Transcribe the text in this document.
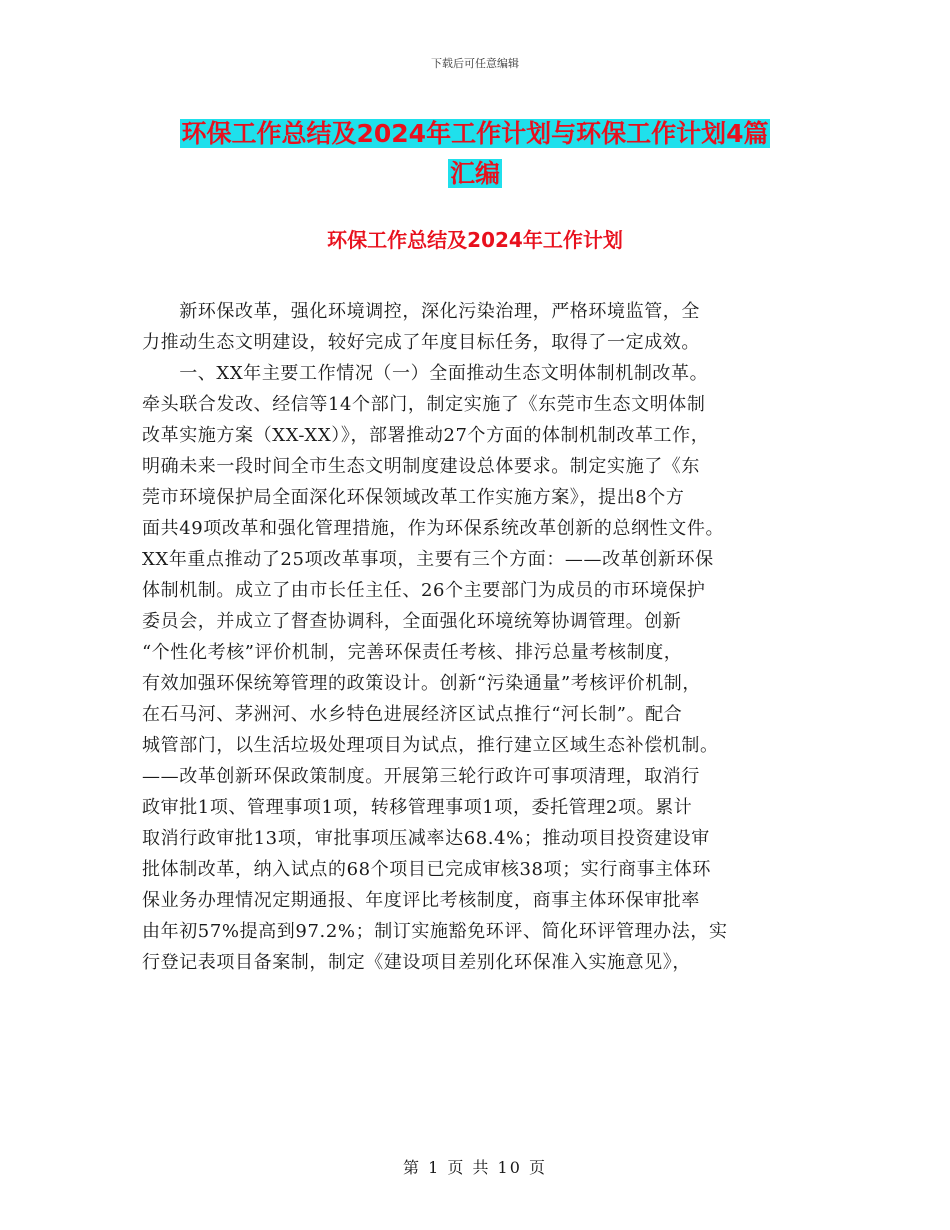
下载后可任意编辑
环保工作总结及2024年工作计划与环保工作计划4篇
汇编
环保工作总结及2024年工作计划
　　新环保改革，强化环境调控，深化污染治理，严格环境监管，全
力推动生态文明建设，较好完成了年度目标任务，取得了一定成效。
　　一、XX年主要工作情况（一）全面推动生态文明体制机制改革。
牵头联合发改、经信等14个部门，制定实施了《东莞市生态文明体制
改革实施方案（XX-XX）》，部署推动27个方面的体制机制改革工作，
明确未来一段时间全市生态文明制度建设总体要求。制定实施了《东
莞市环境保护局全面深化环保领域改革工作实施方案》，提出8个方
面共49项改革和强化管理措施，作为环保系统改革创新的总纲性文件。
XX年重点推动了25项改革事项，主要有三个方面：——改革创新环保
体制机制。成立了由市长任主任、26个主要部门为成员的市环境保护
委员会，并成立了督查协调科，全面强化环境统筹协调管理。创新
“个性化考核”评价机制，完善环保责任考核、排污总量考核制度，
有效加强环保统筹管理的政策设计。创新“污染通量”考核评价机制，
在石马河、茅洲河、水乡特色进展经济区试点推行“河长制”。配合
城管部门，以生活垃圾处理项目为试点，推行建立区域生态补偿机制。
——改革创新环保政策制度。开展第三轮行政许可事项清理，取消行
政审批1项、管理事项1项，转移管理事项1项，委托管理2项。累计
取消行政审批13项，审批事项压减率达68.4%；推动项目投资建设审
批体制改革，纳入试点的68个项目已完成审核38项；实行商事主体环
保业务办理情况定期通报、年度评比考核制度，商事主体环保审批率
由年初57%提高到97.2%；制订实施豁免环评、简化环评管理办法，实
行登记表项目备案制，制定《建设项目差别化环保准入实施意见》，
第 1 页 共 10 页
